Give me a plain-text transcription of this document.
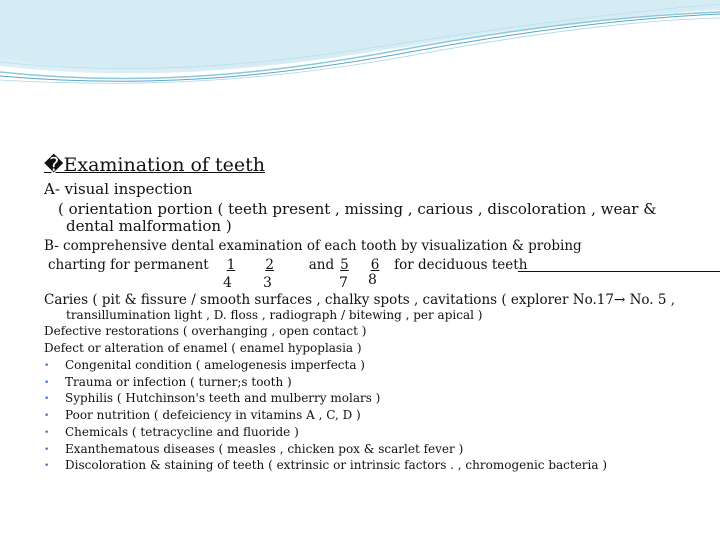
�Examination of teeth
A- visual inspection
( orientation portion ( teeth present , missing , carious , discoloration , wear &
dental malformation )
B- comprehensive dental examination of each tooth by visualization & probing
charting for permanent 1 2	and 5 6 for deciduous teeth
4 3	7 8
Caries ( pit & fissure / smooth surfaces , chalky spots , cavitations ( explorer No.17→ No. 5 ,
transillumination light , D. floss , radiograph / bitewing , per apical )
Defective restorations ( overhanging , open contact )
Defect or alteration of enamel ( enamel hypoplasia )
• Congenital condition ( amelogenesis imperfecta )
• Trauma or infection ( turner;s tooth )
• Syphilis ( Hutchinson's teeth and mulberry molars )
• Poor nutrition ( defeiciency in vitamins A , C, D )
• Chemicals ( tetracycline and fluoride )
• Exanthematous diseases ( measles , chicken pox & scarlet fever )
• Discoloration & staining of teeth ( extrinsic or intrinsic factors . , chromogenic bacteria )
